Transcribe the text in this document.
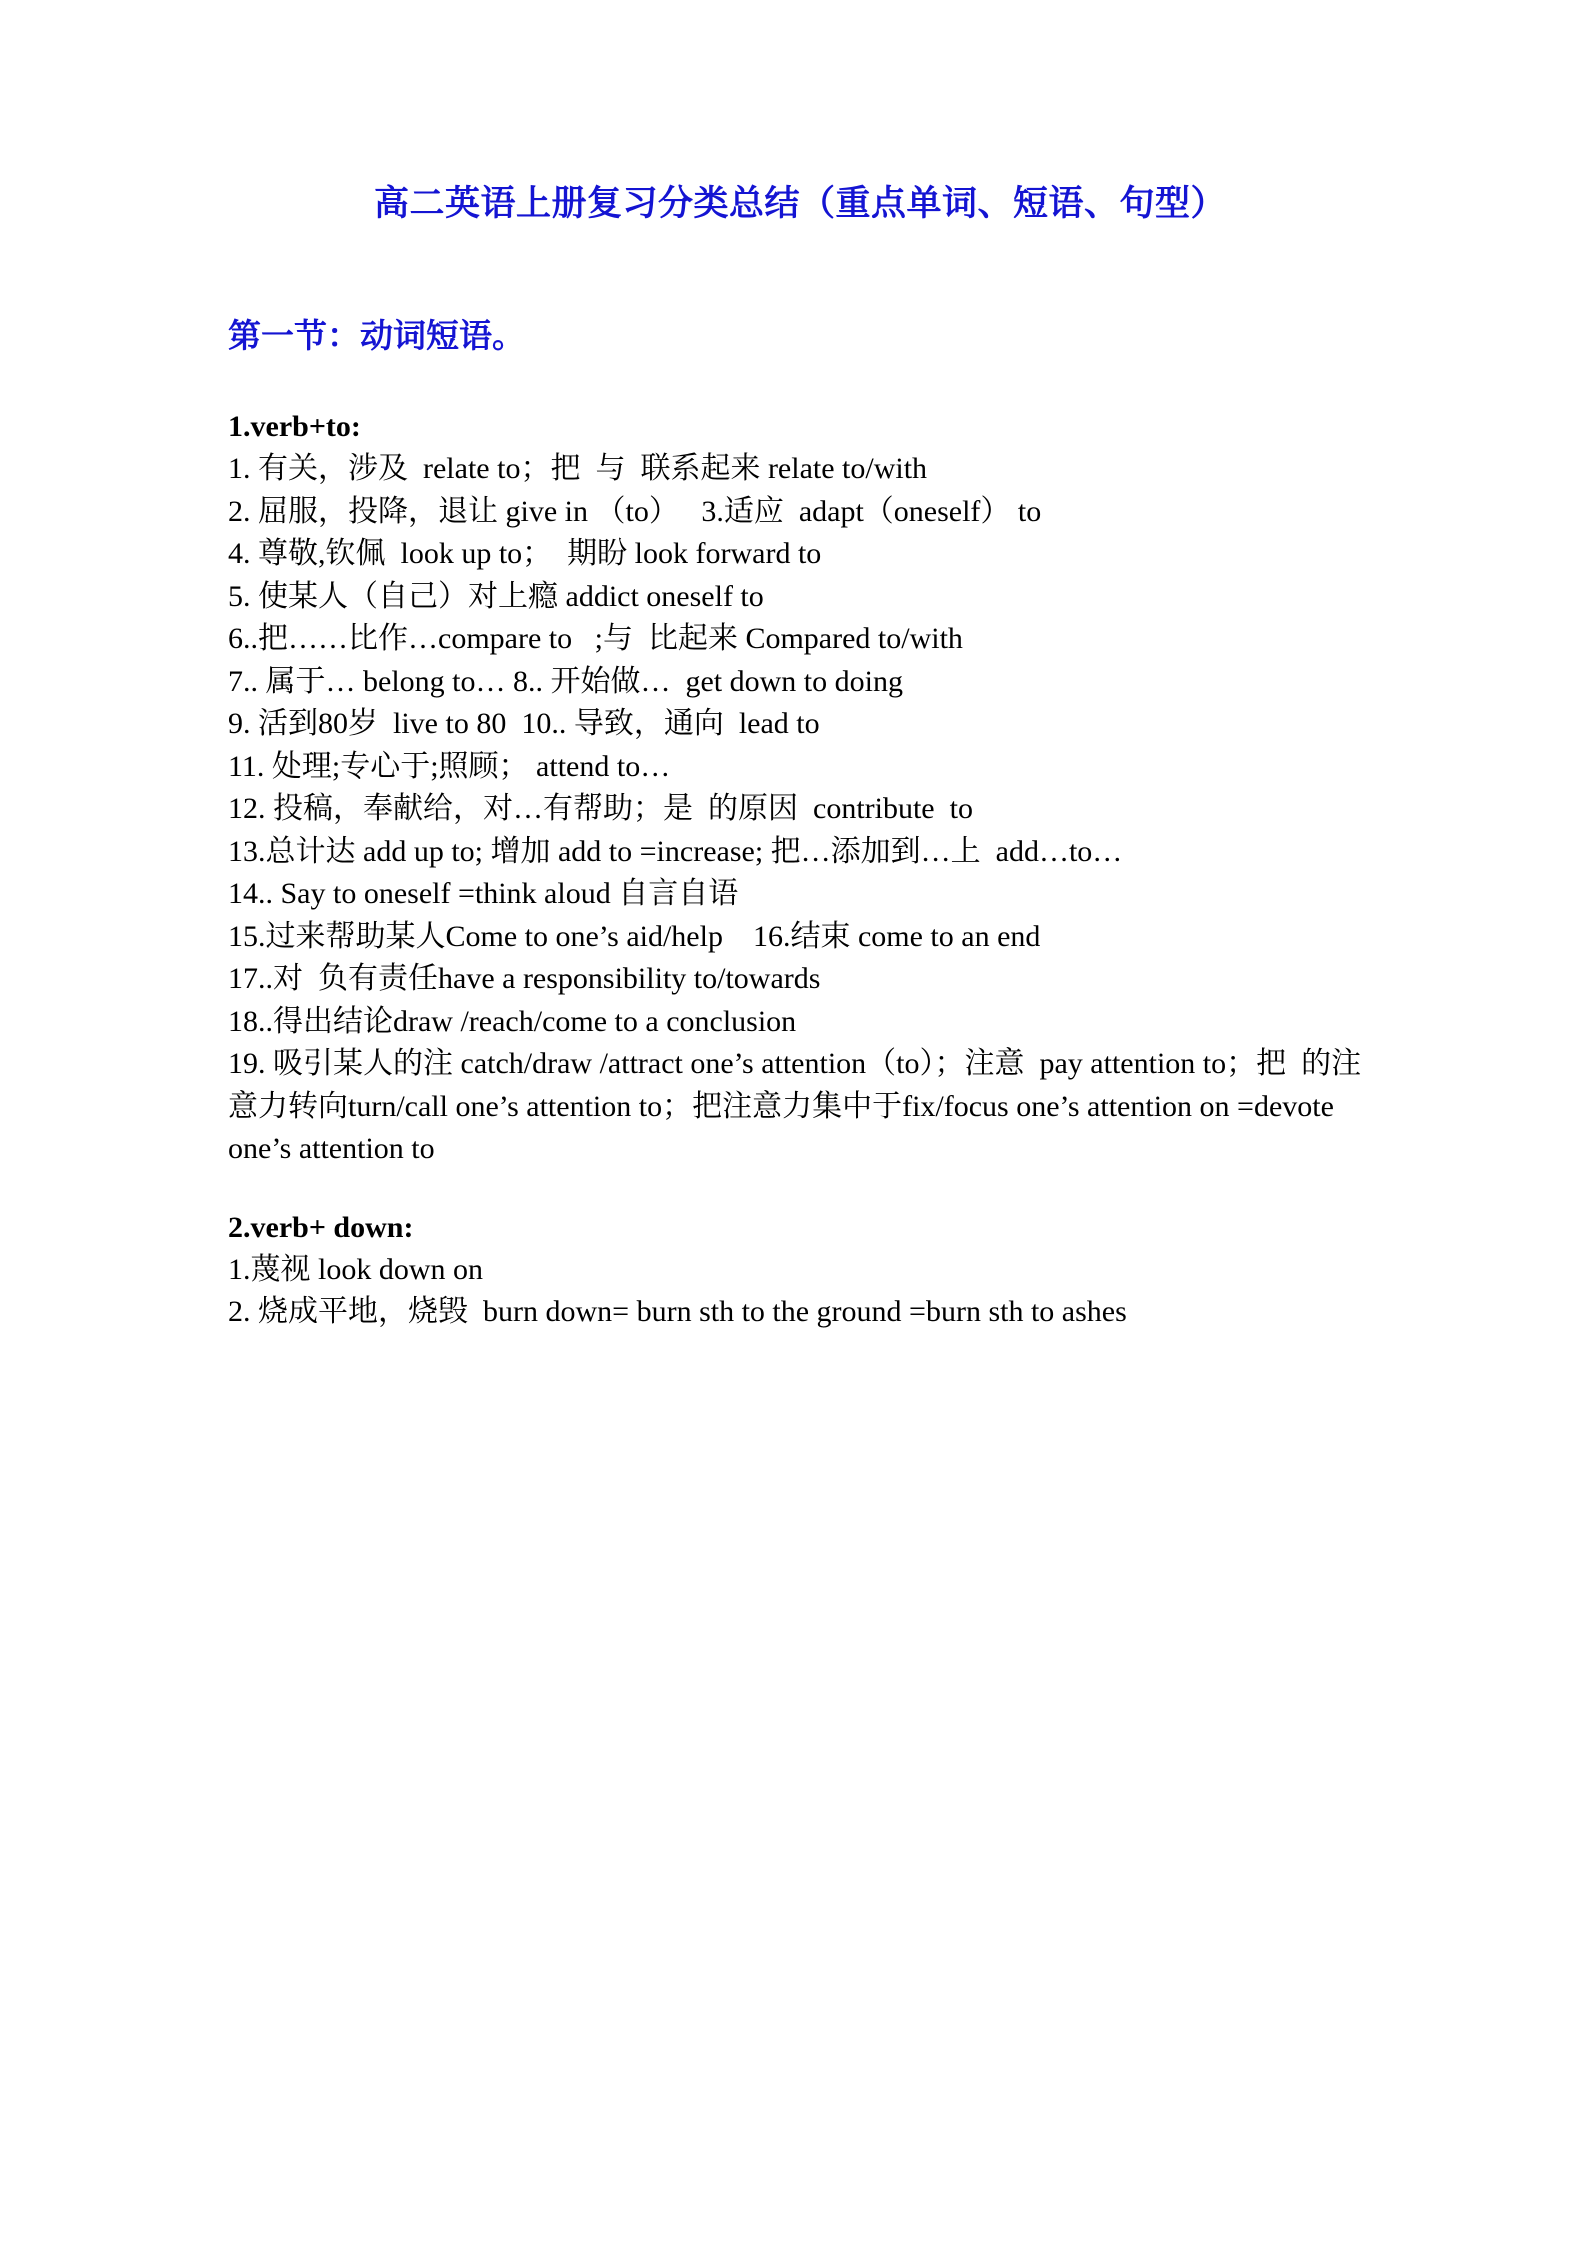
高二英语上册复习分类总结（重点单词、短语、句型）
第一节：动词短语。
1.verb+to:

1. 有关，涉及  relate to；把  与  联系起来 relate to/with

2. 屈服，投降，退让 give in （to）   3.适应  adapt（oneself） to

4. 尊敬,钦佩  look up to；  期盼 look forward to

5. 使某人（自己）对上瘾 addict oneself to

6..把……比作…compare to   ;与  比起来 Compared to/with

7.. 属于… belong to… 8.. 开始做…  get down to doing

9. 活到80岁  live to 80  10.. 导致，通向  lead to

11. 处理;专心于;照顾； attend to…

12. 投稿，奉献给，对…有帮助；是  的原因  contribute  to

13.总计达 add up to; 增加 add to =increase; 把…添加到…上  add…to…

14.. Say to oneself =think aloud 自言自语

15.过来帮助某人Come to one’s aid/help    16.结束 come to an end

17..对  负有责任have a responsibility to/towards

18..得出结论draw /reach/come to a conclusion

19. 吸引某人的注 catch/draw /attract one’s attention（to）；注意  pay attention to；把  的注意力转向turn/call one’s attention to；把注意力集中于fix/focus one’s attention on =devote one’s attention to

2.verb+ down:

1.蔑视 look down on

2. 烧成平地，烧毁  burn down= burn sth to the ground =burn sth to ashes
